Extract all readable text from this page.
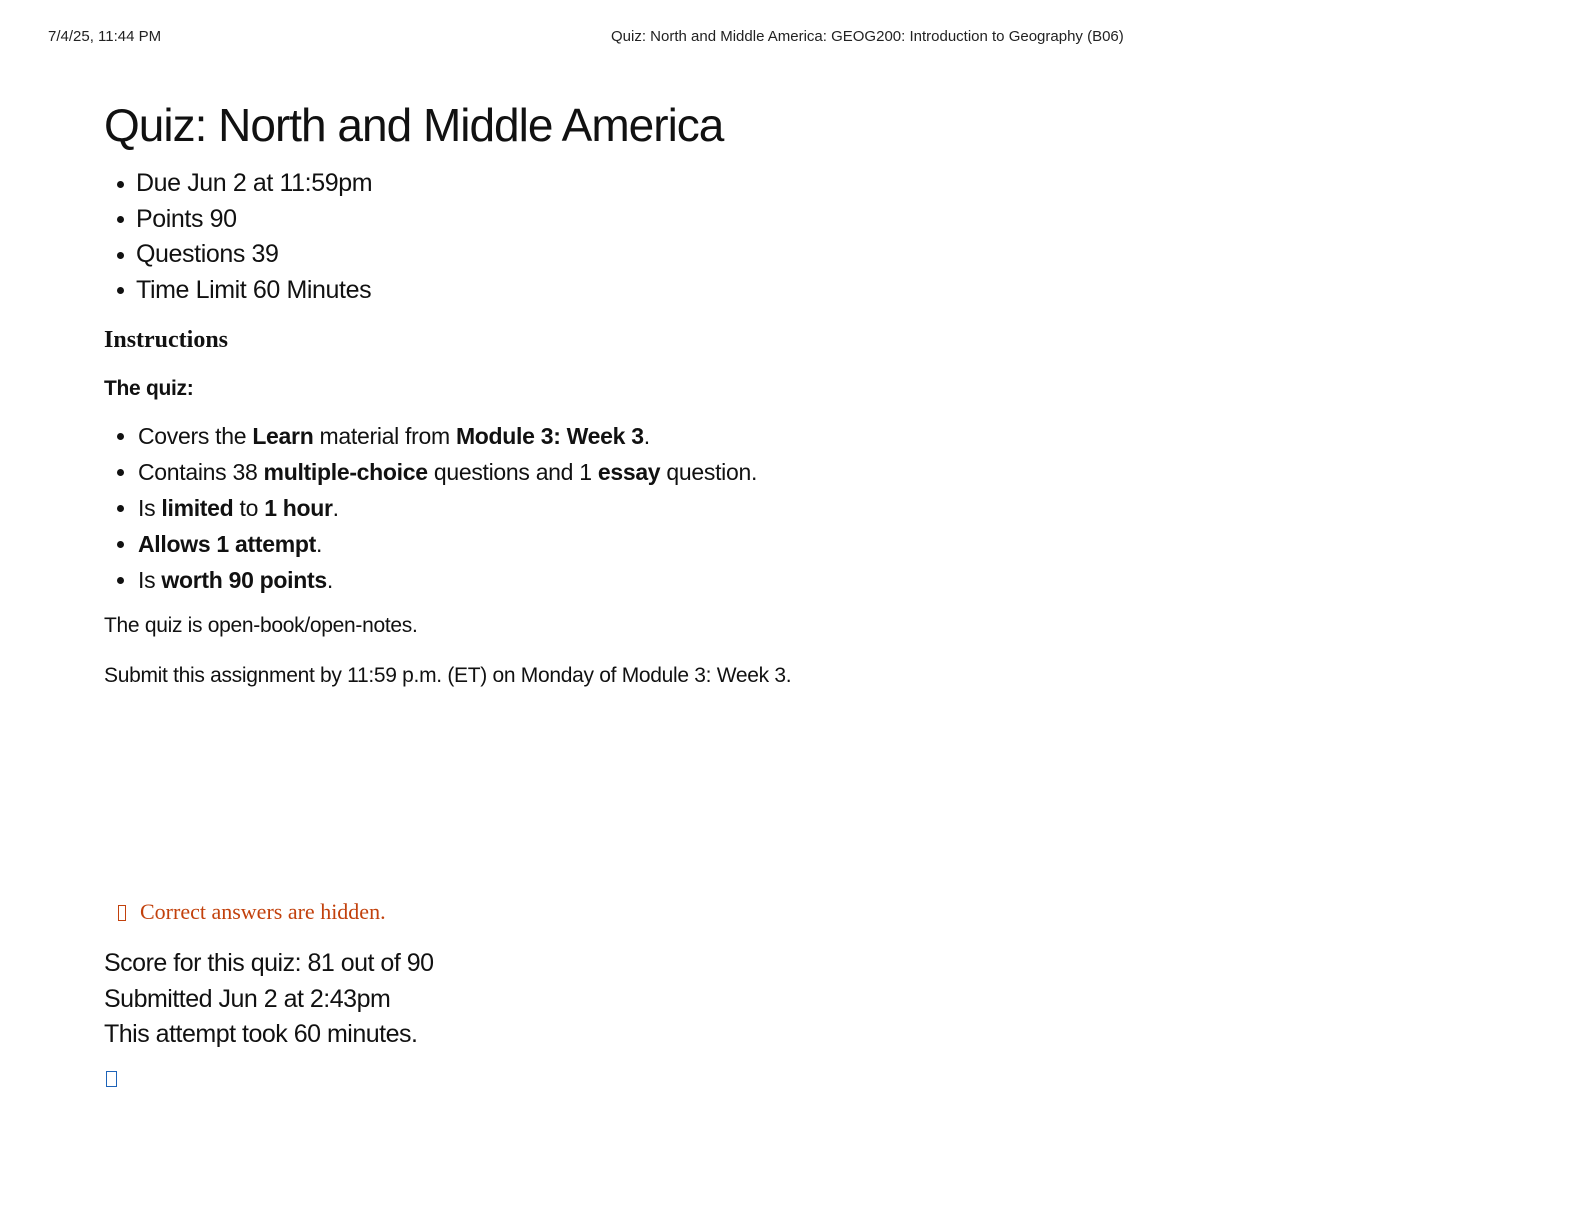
7/4/25, 11:44 PM	Quiz: North and Middle America: GEOG200: Introduction to Geography (B06)
Quiz: North and Middle America
Due Jun 2 at 11:59pm
Points 90
Questions 39
Time Limit 60 Minutes
Instructions
The quiz:
Covers the Learn material from Module 3: Week 3.
Contains 38 multiple-choice questions and 1 essay question.
Is limited to 1 hour.
Allows 1 attempt.
Is worth 90 points.

The quiz is open-book/open-notes.

Submit this assignment by 11:59 p.m. (ET) on Monday of Module 3: Week 3.

Correct answers are hidden.
Score for this quiz: 81 out of 90
Submitted Jun 2 at 2:43pm
This attempt took 60 minutes.
